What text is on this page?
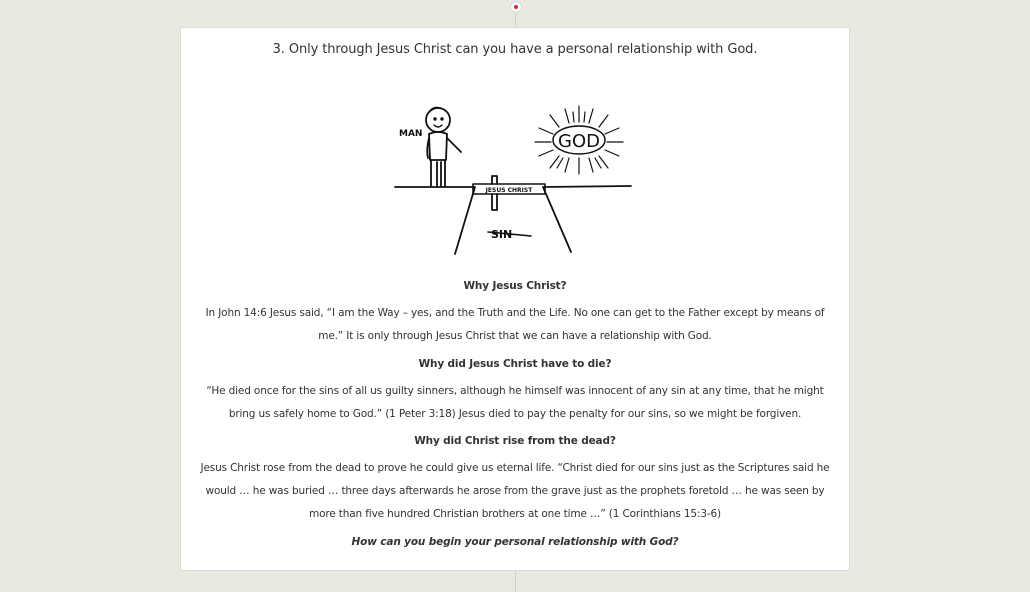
3. Only through Jesus Christ can you have a personal relationship with God.
MAN
JESUS CHRIST
SIN
GOD
Why Jesus Christ?
In John 14:6 Jesus said, “I am the Way – yes, and the Truth and the Life. No one can get to the Father except by means of me.” It is only through Jesus Christ that we can have a relationship with God.
Why did Jesus Christ have to die?
“He died once for the sins of all us guilty sinners, although he himself was innocent of any sin at any time, that he might bring us safely home to God.” (1 Peter 3:18) Jesus died to pay the penalty for our sins, so we might be forgiven.
Why did Christ rise from the dead?
Jesus Christ rose from the dead to prove he could give us eternal life. “Christ died for our sins just as the Scriptures said he would … he was buried … three days afterwards he arose from the grave just as the prophets foretold … he was seen by more than five hundred Christian brothers at one time …” (1 Corinthians 15:3-6)
How can you begin your personal relationship with God?
